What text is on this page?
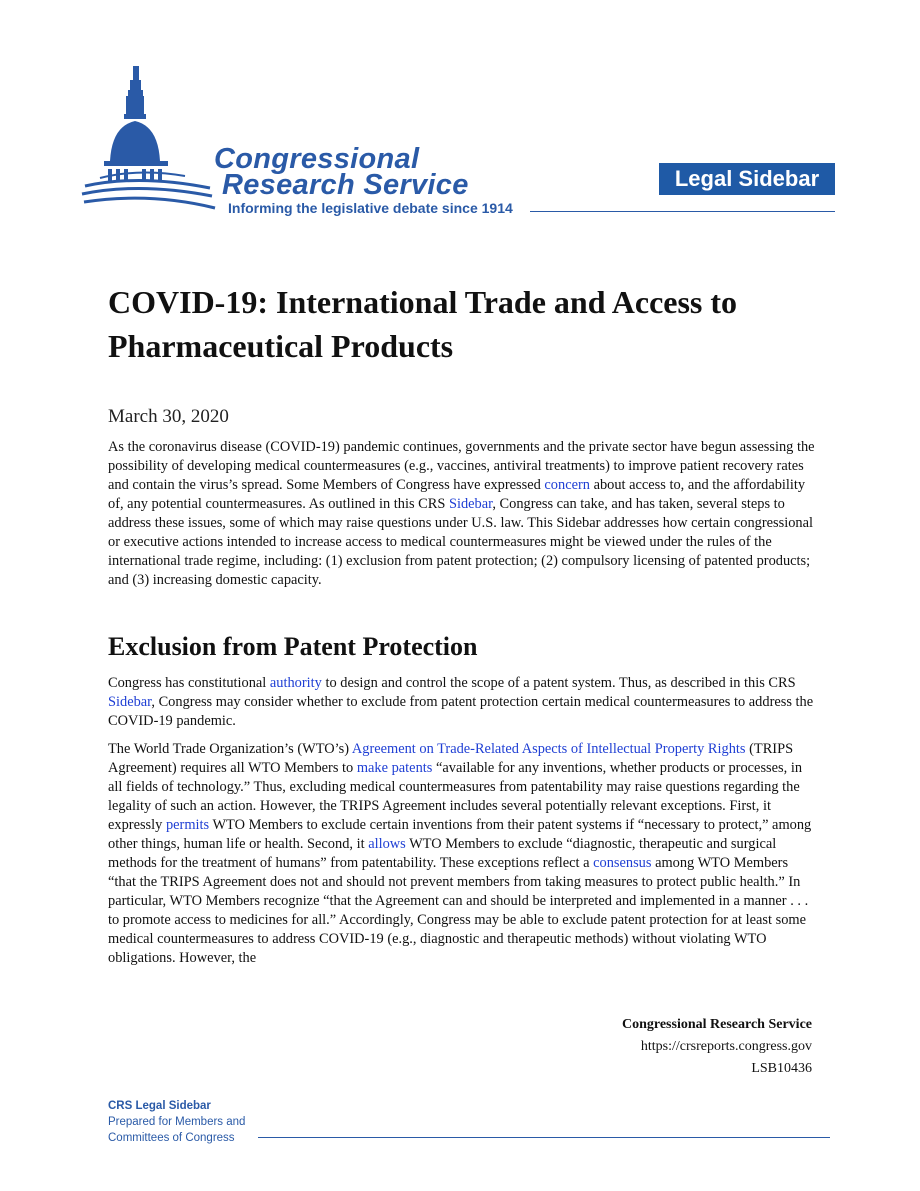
Congressional
Research Service
Informing the legislative debate since 1914
Legal Sidebar
COVID-19: International Trade and Access to Pharmaceutical Products
March 30, 2020

As the coronavirus disease (COVID-19) pandemic continues, governments and the private sector have begun assessing the possibility of developing medical countermeasures (e.g., vaccines, antiviral treatments) to improve patient recovery rates and contain the virus’s spread. Some Members of Congress have expressed concern about access to, and the affordability of, any potential countermeasures. As outlined in this CRS Sidebar, Congress can take, and has taken, several steps to address these issues, some of which may raise questions under U.S. law. This Sidebar addresses how certain congressional or executive actions intended to increase access to medical countermeasures might be viewed under the rules of the international trade regime, including: (1) exclusion from patent protection; (2) compulsory licensing of patented products; and (3) increasing domestic capacity.

Exclusion from Patent Protection

Congress has constitutional authority to design and control the scope of a patent system. Thus, as described in this CRS Sidebar, Congress may consider whether to exclude from patent protection certain medical countermeasures to address the COVID-19 pandemic.

The World Trade Organization’s (WTO’s) Agreement on Trade-Related Aspects of Intellectual Property Rights (TRIPS Agreement) requires all WTO Members to make patents “available for any inventions, whether products or processes, in all fields of technology.” Thus, excluding medical countermeasures from patentability may raise questions regarding the legality of such an action. However, the TRIPS Agreement includes several potentially relevant exceptions. First, it expressly permits WTO Members to exclude certain inventions from their patent systems if “necessary to protect,” among other things, human life or health. Second, it allows WTO Members to exclude “diagnostic, therapeutic and surgical methods for the treatment of humans” from patentability. These exceptions reflect a consensus among WTO Members “that the TRIPS Agreement does not and should not prevent members from taking measures to protect public health.” In particular, WTO Members recognize “that the Agreement can and should be interpreted and implemented in a manner . . . to promote access to medicines for all.” Accordingly, Congress may be able to exclude patent protection for at least some medical countermeasures to address COVID-19 (e.g., diagnostic and therapeutic methods) without violating WTO obligations. However, the

Congressional Research Service
https://crsreports.congress.gov
LSB10436
CRS Legal Sidebar
Prepared for Members and
Committees of Congress
